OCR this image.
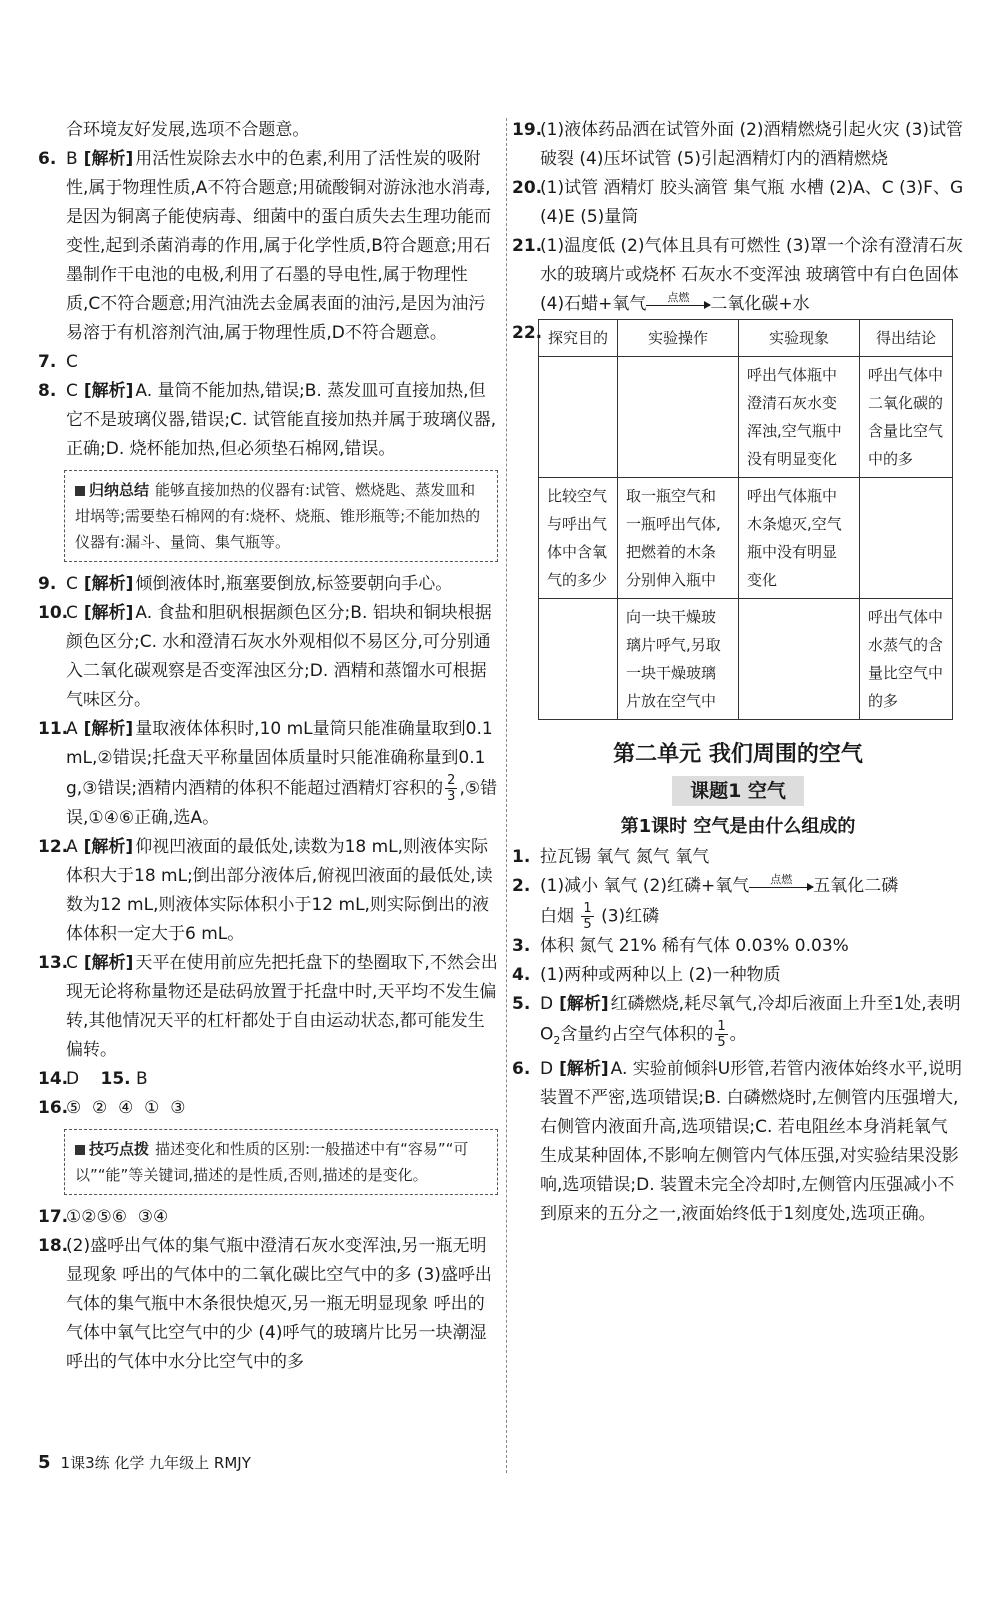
合环境友好发展,选项不合题意。

6. B [解析] 用活性炭除去水中的色素,利用了活性炭的吸附性,属于物理性质,A不符合题意;用硫酸铜对游泳池水消毒,是因为铜离子能使病毒、细菌中的蛋白质失去生理功能而变性,起到杀菌消毒的作用,属于化学性质,B符合题意;用石墨制作干电池的电极,利用了石墨的导电性,属于物理性质,C不符合题意;用汽油洗去金属表面的油污,是因为油污易溶于有机溶剂汽油,属于物理性质,D不符合题意。

7. C

8. C [解析] A. 量筒不能加热,错误;B. 蒸发皿可直接加热,但它不是玻璃仪器,错误;C. 试管能直接加热并属于玻璃仪器,正确;D. 烧杯能加热,但必须垫石棉网,错误。

归纳总结 能够直接加热的仪器有:试管、燃烧匙、蒸发皿和坩埚等;需要垫石棉网的有:烧杯、烧瓶、锥形瓶等;不能加热的仪器有:漏斗、量筒、集气瓶等。

9. C [解析] 倾倒液体时,瓶塞要倒放,标签要朝向手心。

10.
C [解析] A. 食盐和胆矾根据颜色区分;B. 铝块和铜块根据颜色区分;C. 水和澄清石灰水外观相似不易区分,可分别通入二氧化碳观察是否变浑浊区分;D. 酒精和蒸馏水可根据气味区分。

11.
A [解析] 量取液体体积时,10 mL量筒只能准确量取到0.1 mL,②错误;托盘天平称量固体质量时只能准确称量到0.1 g,③错误;酒精内酒精的体积不能超过酒精灯容积的 $\frac{2}{3}$ ,⑤错误,①④⑥正确,选A。

12.
A [解析] 仰视凹液面的最低处,读数为18 mL,则液体实际体积大于18 mL;倒出部分液体后,俯视凹液面的最低处,读数为12 mL,则液体实际体积小于12 mL,则实际倒出的液体体积一定大于6 mL。

13.
C [解析] 天平在使用前应先把托盘下的垫圈取下,不然会出现无论将称量物还是砝码放置于托盘中时,天平均不发生偏转,其他情况天平的杠杆都处于自由运动状态,都可能发生偏转。

14.
D 15. B

16.
⑤  ②  ④  ①  ③

技巧点拨 描述变化和性质的区别:一般描述中有“容易”“可以”“能”等关键词,描述的是性质,否则,描述的是变化。

17.
①②⑤⑥  ③④

18.
(2)盛呼出气体的集气瓶中澄清石灰水变浑浊,另一瓶无明显现象 呼出的气体中的二氧化碳比空气中的多 (3)盛呼出气体的集气瓶中木条很快熄灭,另一瓶无明显现象 呼出的气体中氧气比空气中的少 (4)呼气的玻璃片比另一块潮湿 呼出的气体中水分比空气中的多

19.
(1)液体药品洒在试管外面 (2)酒精燃烧引起火灾 (3)试管破裂 (4)压坏试管 (5)引起酒精灯内的酒精燃烧

20.
(1)试管 酒精灯 胶头滴管 集气瓶 水槽 (2)A、C (3)F、G (4)E (5)量筒

21.
(1)温度低 (2)气体且具有可燃性 (3)罩一个涂有澄清石灰水的玻璃片或烧杯 石灰水不变浑浊 玻璃管中有白色固体

(4)石蜡+氧气	点燃	二氧化碳+水

22. 探究目的	实验操作	实验现象	得出结论
		呼出气体瓶中澄清石灰水变浑浊,空气瓶中没有明显变化	呼出气体中二氧化碳的含量比空气中的多
比较空气与呼出气体中含氧气的多少	取一瓶空气和一瓶呼出气体,把燃着的木条分别伸入瓶中	呼出气体瓶中木条熄灭,空气瓶中没有明显变化	
	向一块干燥玻璃片呼气,另取一块干燥玻璃片放在空气中		呼出气体中水蒸气的含量比空气中的多
第二单元 我们周围的空气
课题1 空气
第1课时 空气是由什么组成的

1. 拉瓦锡 氧气 氮气 氧气

2. (1)减小 氧气 (2)红磷+氧气	点燃	五氧化二磷
白烟 $\frac{1}{5} (3)$红磷

3. 体积 氮气 21% 稀有气体 0.03% 0.03%

4. (1)两种或两种以上 (2)一种物质

5. D [解析] 红磷燃烧,耗尽氧气,冷却后液面上升至1处,表明$O_2$含量约占空气体积的 $\frac{1}{5}$ 。

6. D [解析] A. 实验前倾斜U形管,若管内液体始终水平,说明装置不严密,选项错误;B. 白磷燃烧时,左侧管内压强增大,右侧管内液面升高,选项错误;C. 若电阻丝本身消耗氧气生成某种固体,不影响左侧管内气体压强,对实验结果没影响,选项错误;D. 装置未完全冷却时,左侧管内压强减小不到原来的五分之一,液面始终低于1刻度处,选项正确。

5 1课3练 化学 九年级上 RMJY
